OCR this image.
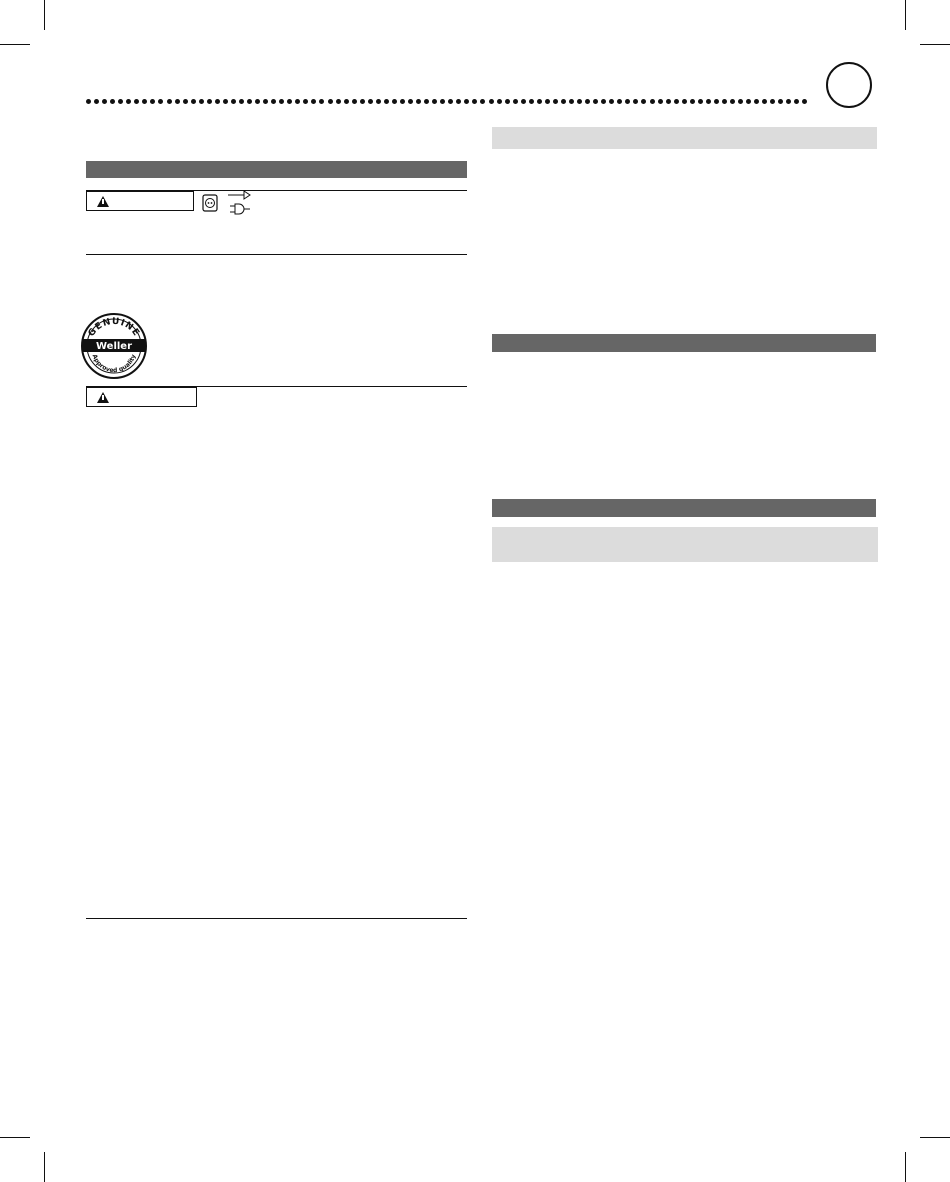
GENUINE
Weller
Approved quality
